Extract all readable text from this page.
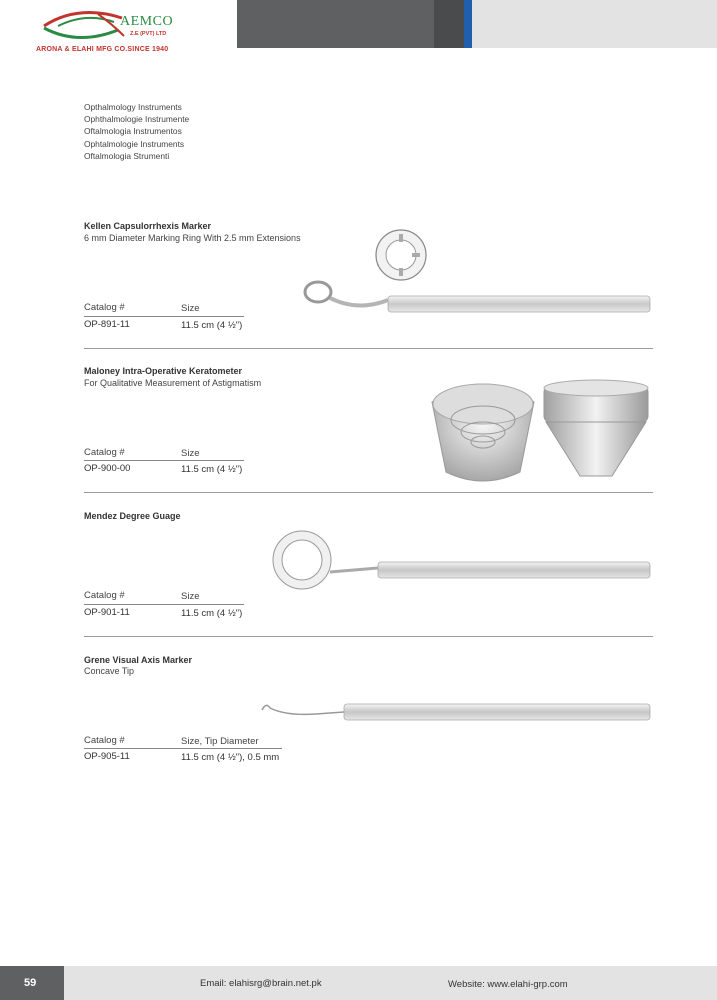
AEMCO
Z.E (PVT) LTD
ARONA & ELAHI MFG CO.SINCE 1940
Opthalmology Instruments
Ophthalmologie Instrumente
Oftalmologia Instrumentos
Ophtalmologie Instruments
Oftalmologia Strumenti
Kellen Capsulorrhexis Marker
6 mm Diameter Marking Ring With 2.5 mm Extensions
Catalog #	Size
OP-891-11	11.5 cm (4 ½")
Maloney Intra-Operative Keratometer
For Qualitative Measurement of Astigmatism
Catalog #	Size
OP-900-00	11.5 cm (4 ½")
Mendez Degree Guage
Catalog #	Size
OP-901-11	11.5 cm (4 ½")
Grene Visual Axis Marker
Concave Tip
Catalog #	Size, Tip Diameter
OP-905-11	11.5 cm (4 ½"), 0.5 mm
59	Email: elahisrg@brain.net.pk	Website: www.elahi-grp.com
